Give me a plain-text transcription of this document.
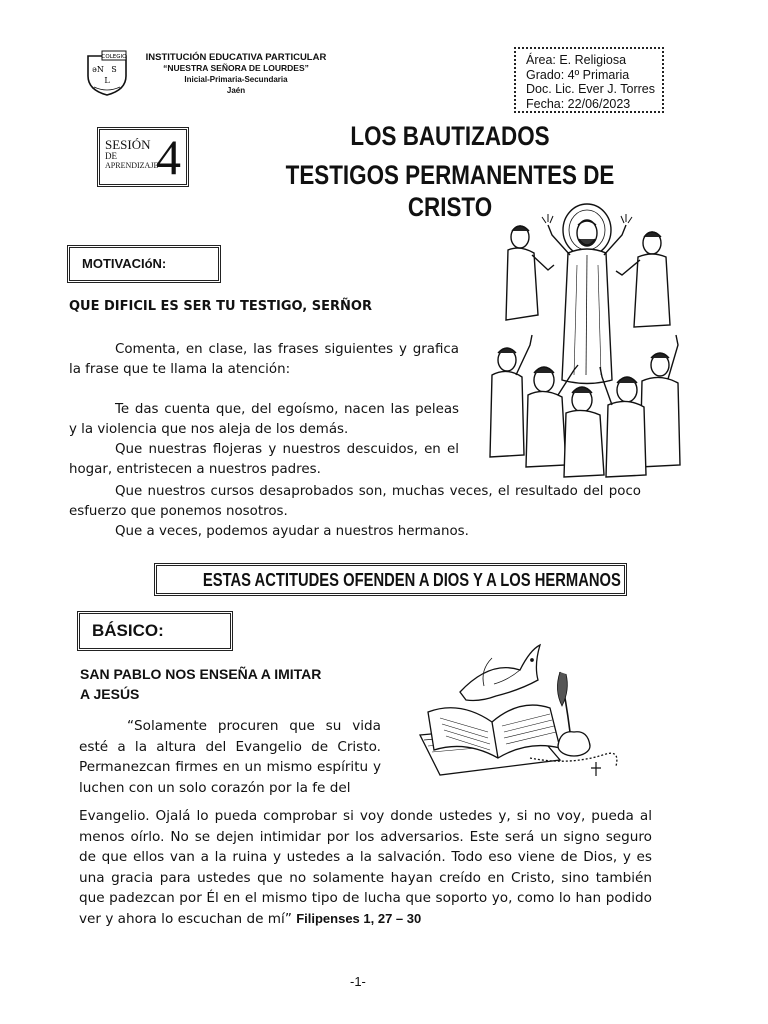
COLEGIO
ǝN S
L
INSTITUCIÓN EDUCATIVA PARTICULAR
“NUESTRA SEÑORA DE LOURDES”
Inicial-Primaria-Secundaria
Jaén
Área: E. Religiosa
Grado: 4º Primaria
Doc. Lic. Ever J. Torres
Fecha: 22/06/2023
SESIÓN
DE
APRENDIZAJE
4	LOS BAUTIZADOS
TESTIGOS PERMANENTES DE CRISTO
MOTIVACIóN:
QUE DIFICIL ES SER TU TESTIGO, SERÑOR
Comenta, en clase, las frases siguientes y grafica la frase que te llama la atención:
Te das cuenta que, del egoísmo, nacen las peleas y la violencia que nos aleja de los demás.
Que nuestras flojeras y nuestros descuidos, en el hogar, entristecen a nuestros padres.
Que nuestros cursos desaprobados son, muchas veces, el resultado del poco esfuerzo que ponemos nosotros.
Que a veces, podemos ayudar a nuestros hermanos.
ESTAS ACTITUDES OFENDEN A DIOS Y A LOS HERMANOS
BÁSICO:
SAN PABLO NOS ENSEÑA A IMITAR
A JESÚS
“Solamente procuren que su vida esté a la altura del Evangelio de Cristo. Permanezcan firmes en un mismo espíritu y luchen con un solo corazón por la fe del
Evangelio. Ojalá lo pueda comprobar si voy donde ustedes y, si no voy, pueda al menos oírlo. No se dejen intimidar por los adversarios. Este será un signo seguro de que ellos van a la ruina y ustedes a la salvación. Todo eso viene de Dios, y es una gracia para ustedes que no solamente hayan creído en Cristo, sino también que padezcan por Él en el mismo tipo de lucha que soporto yo, como lo han podido ver y ahora lo escuchan de mí” Filipenses 1, 27 – 30
-1-
